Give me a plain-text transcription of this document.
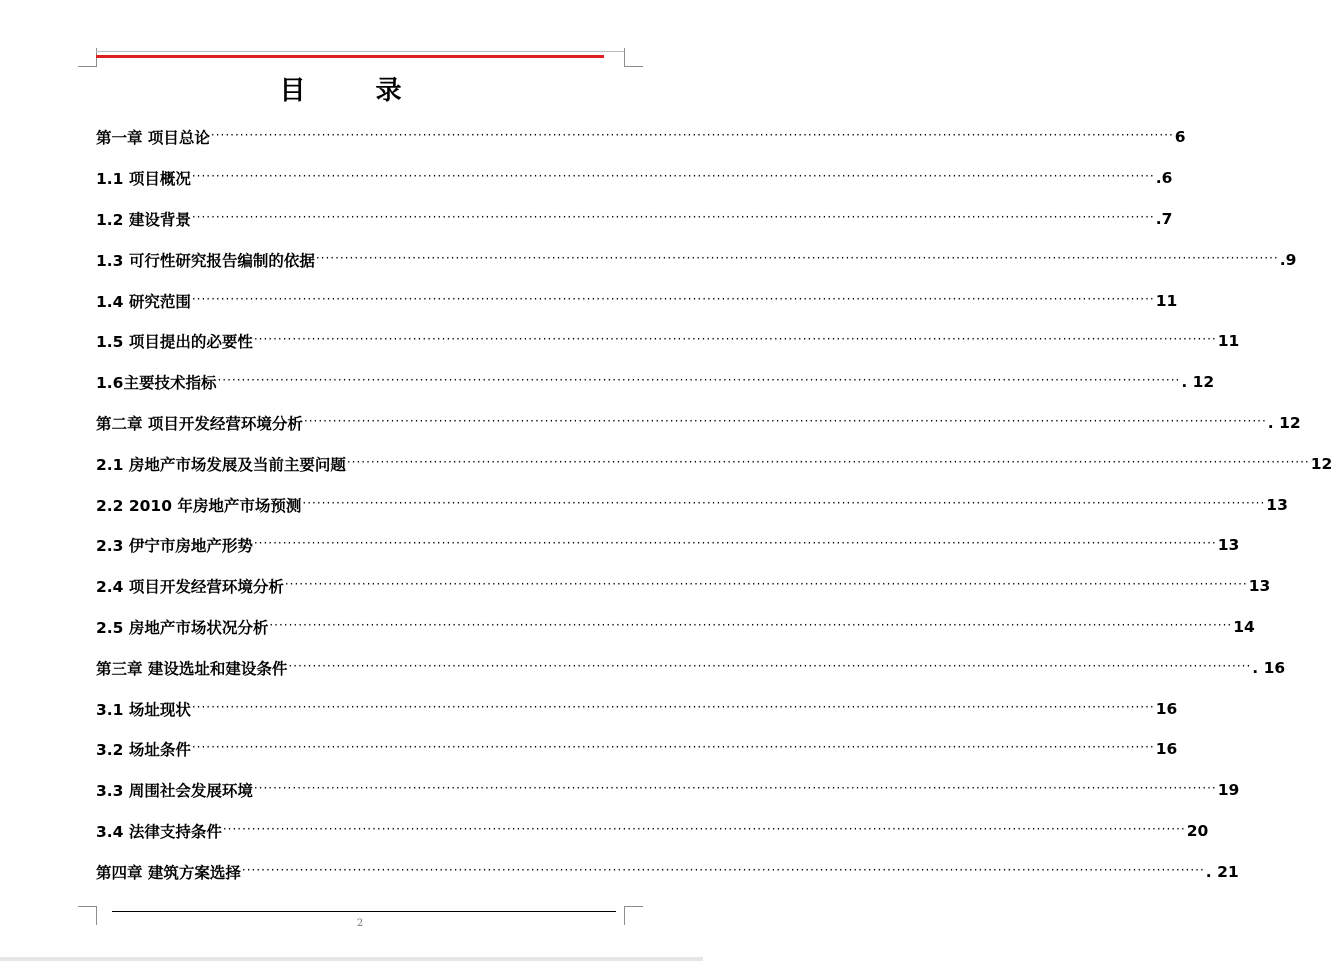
目　录
第一章 项目总论 ········································································································································································································ 6
1.1 项目概况 ········································································································································································································ .6
1.2 建设背景 ········································································································································································································ .7
1.3 可行性研究报告编制的依据 ········································································································································································································ .9
1.4 研究范围 ········································································································································································································ 11
1.5 项目提出的必要性 ········································································································································································································ 11
1.6主要技术指标 ········································································································································································································ . 12
第二章 项目开发经营环境分析 ········································································································································································································ . 12
2.1 房地产市场发展及当前主要问题 ········································································································································································································ 12
2.2 2010 年房地产市场预测 ········································································································································································································ 13
2.3 伊宁市房地产形势 ········································································································································································································ 13
2.4 项目开发经营环境分析 ········································································································································································································ 13
2.5 房地产市场状况分析 ········································································································································································································ 14
第三章 建设选址和建设条件 ········································································································································································································ . 16
3.1 场址现状 ········································································································································································································ 16
3.2 场址条件 ········································································································································································································ 16
3.3 周围社会发展环境 ········································································································································································································ 19
3.4 法律支持条件 ········································································································································································································ 20
第四章 建筑方案选择 ········································································································································································································ . 21
2
